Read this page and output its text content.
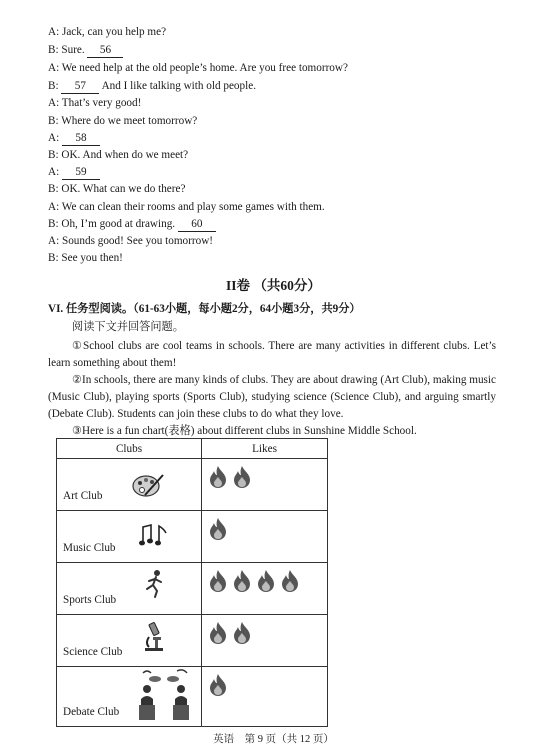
A: Jack, can you help me?
B: Sure. 56
A: We need help at the old people’s home. Are you free tomorrow?
B: 57 And I like talking with old people.
A: That’s very good!
B: Where do we meet tomorrow?
A: 58
B: OK. And when do we meet?
A: 59
B: OK. What can we do there?
A: We can clean their rooms and play some games with them.
B: Oh, I’m good at drawing. 60
A: Sounds good! See you tomorrow!
B: See you then!
II卷 （共60分）
VI. 任务型阅读。（61-63小题，每小题2分，64小题3分，共9分）
阅读下文并回答问题。
①School clubs are cool teams in schools. There are many activities in different clubs. Let’s learn something about them!
②In schools, there are many kinds of clubs. They are about drawing (Art Club), making music (Music Club), playing sports (Sports Club), studying science (Science Club), and arguing smartly (Debate Club). Students can join these clubs to do what they love.
③Here is a fun chart(表格) about different clubs in Sunshine Middle School.
Clubs	Likes

Art Club

Music Club

Sports Club

Science Club

Debate Club

英语　第 9 页（共 12 页）
